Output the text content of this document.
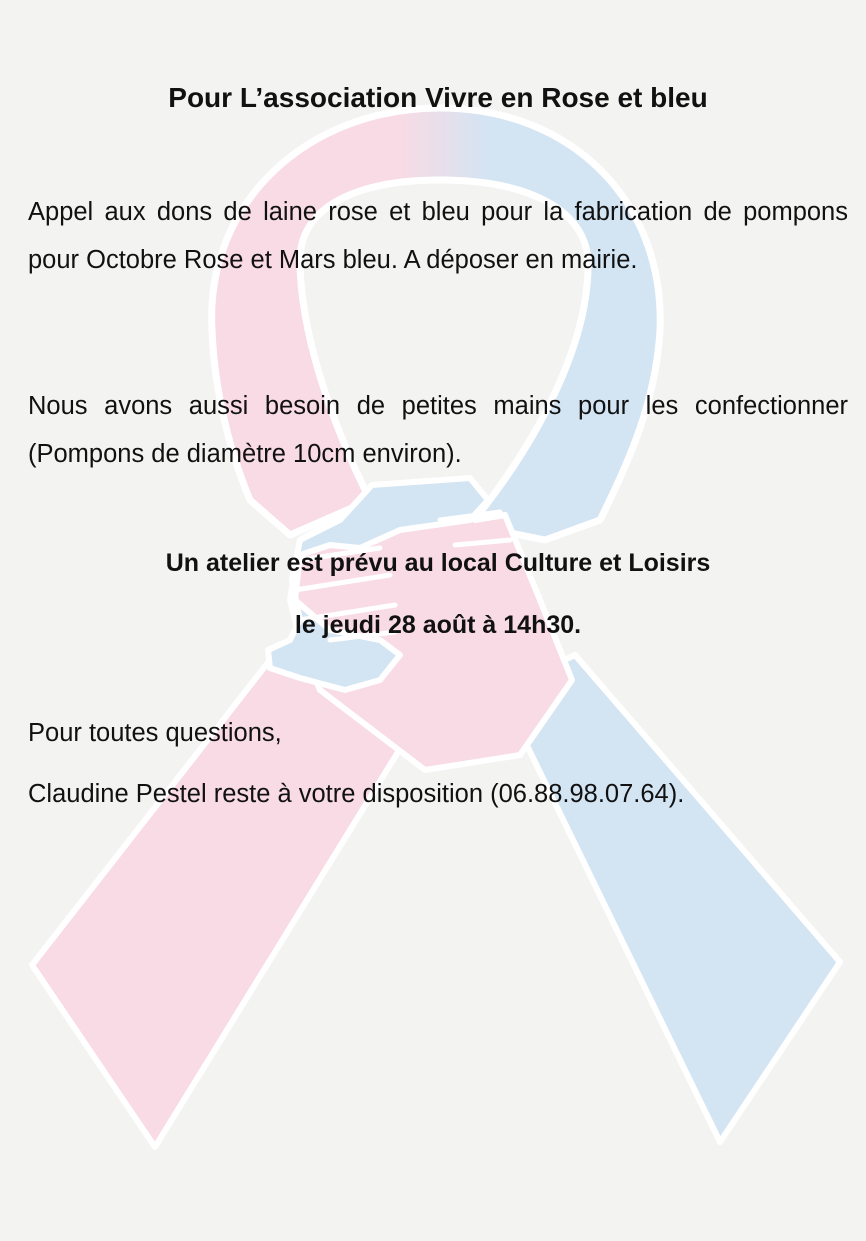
Pour L’association Vivre en Rose et bleu
Appel aux dons de laine rose et bleu pour la fabrication de pompons pour Octobre Rose et Mars bleu. A déposer en mairie.
Nous avons aussi besoin de petites mains pour les confectionner (Pompons de diamètre 10cm environ).
Un atelier est prévu au local Culture et Loisirs
le jeudi 28 août à 14h30.
Pour toutes questions,
Claudine Pestel reste à votre disposition (06.88.98.07.64).
